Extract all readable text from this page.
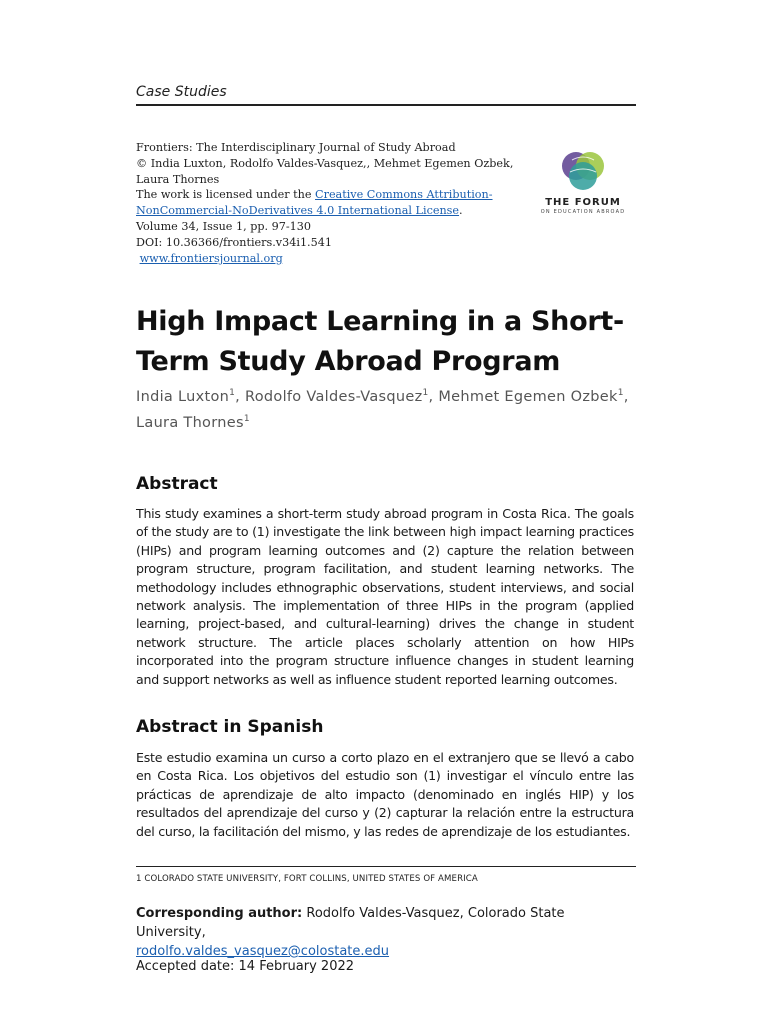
Case Studies
Frontiers: The Interdisciplinary Journal of Study Abroad
© India Luxton, Rodolfo Valdes-Vasquez,, Mehmet Egemen Ozbek,
Laura Thornes
The work is licensed under the Creative Commons Attribution-
NonCommercial-NoDerivatives 4.0 International License.
Volume 34, Issue 1, pp. 97-130
DOI: 10.36366/frontiers.v34i1.541
www.frontiersjournal.org
THE FORUM
ON EDUCATION ABROAD
High Impact Learning in a Short-
Term Study Abroad Program
India Luxton$^1$, Rodolfo Valdes-Vasquez$^1$, Mehmet Egemen Ozbek$^1$, Laura Thornes$^1$
Abstract
This study examines a short-term study abroad program in Costa Rica. The goals of the study are to (1) investigate the link between high impact learning practices (HIPs) and program learning outcomes and (2) capture the relation between program structure, program facilitation, and student learning networks. The methodology includes ethnographic observations, student interviews, and social network analysis. The implementation of three HIPs in the program (applied learning, project-based, and cultural-learning) drives the change in student network structure. The article places scholarly attention on how HIPs incorporated into the program structure influence changes in student learning and support networks as well as influence student reported learning outcomes.
Abstract in Spanish
Este estudio examina un curso a corto plazo en el extranjero que se llevó a cabo en Costa Rica. Los objetivos del estudio son (1) investigar el vínculo entre las prácticas de aprendizaje de alto impacto (denominado en inglés HIP) y los resultados del aprendizaje del curso y (2) capturar la relación entre la estructura del curso, la facilitación del mismo, y las redes de aprendizaje de los estudiantes.
1 COLORADO STATE UNIVERSITY, FORT COLLINS, UNITED STATES OF AMERICA
Corresponding author: Rodolfo Valdes-Vasquez, Colorado State University,
rodolfo.valdes_vasquez@colostate.edu
Accepted date: 14 February 2022
